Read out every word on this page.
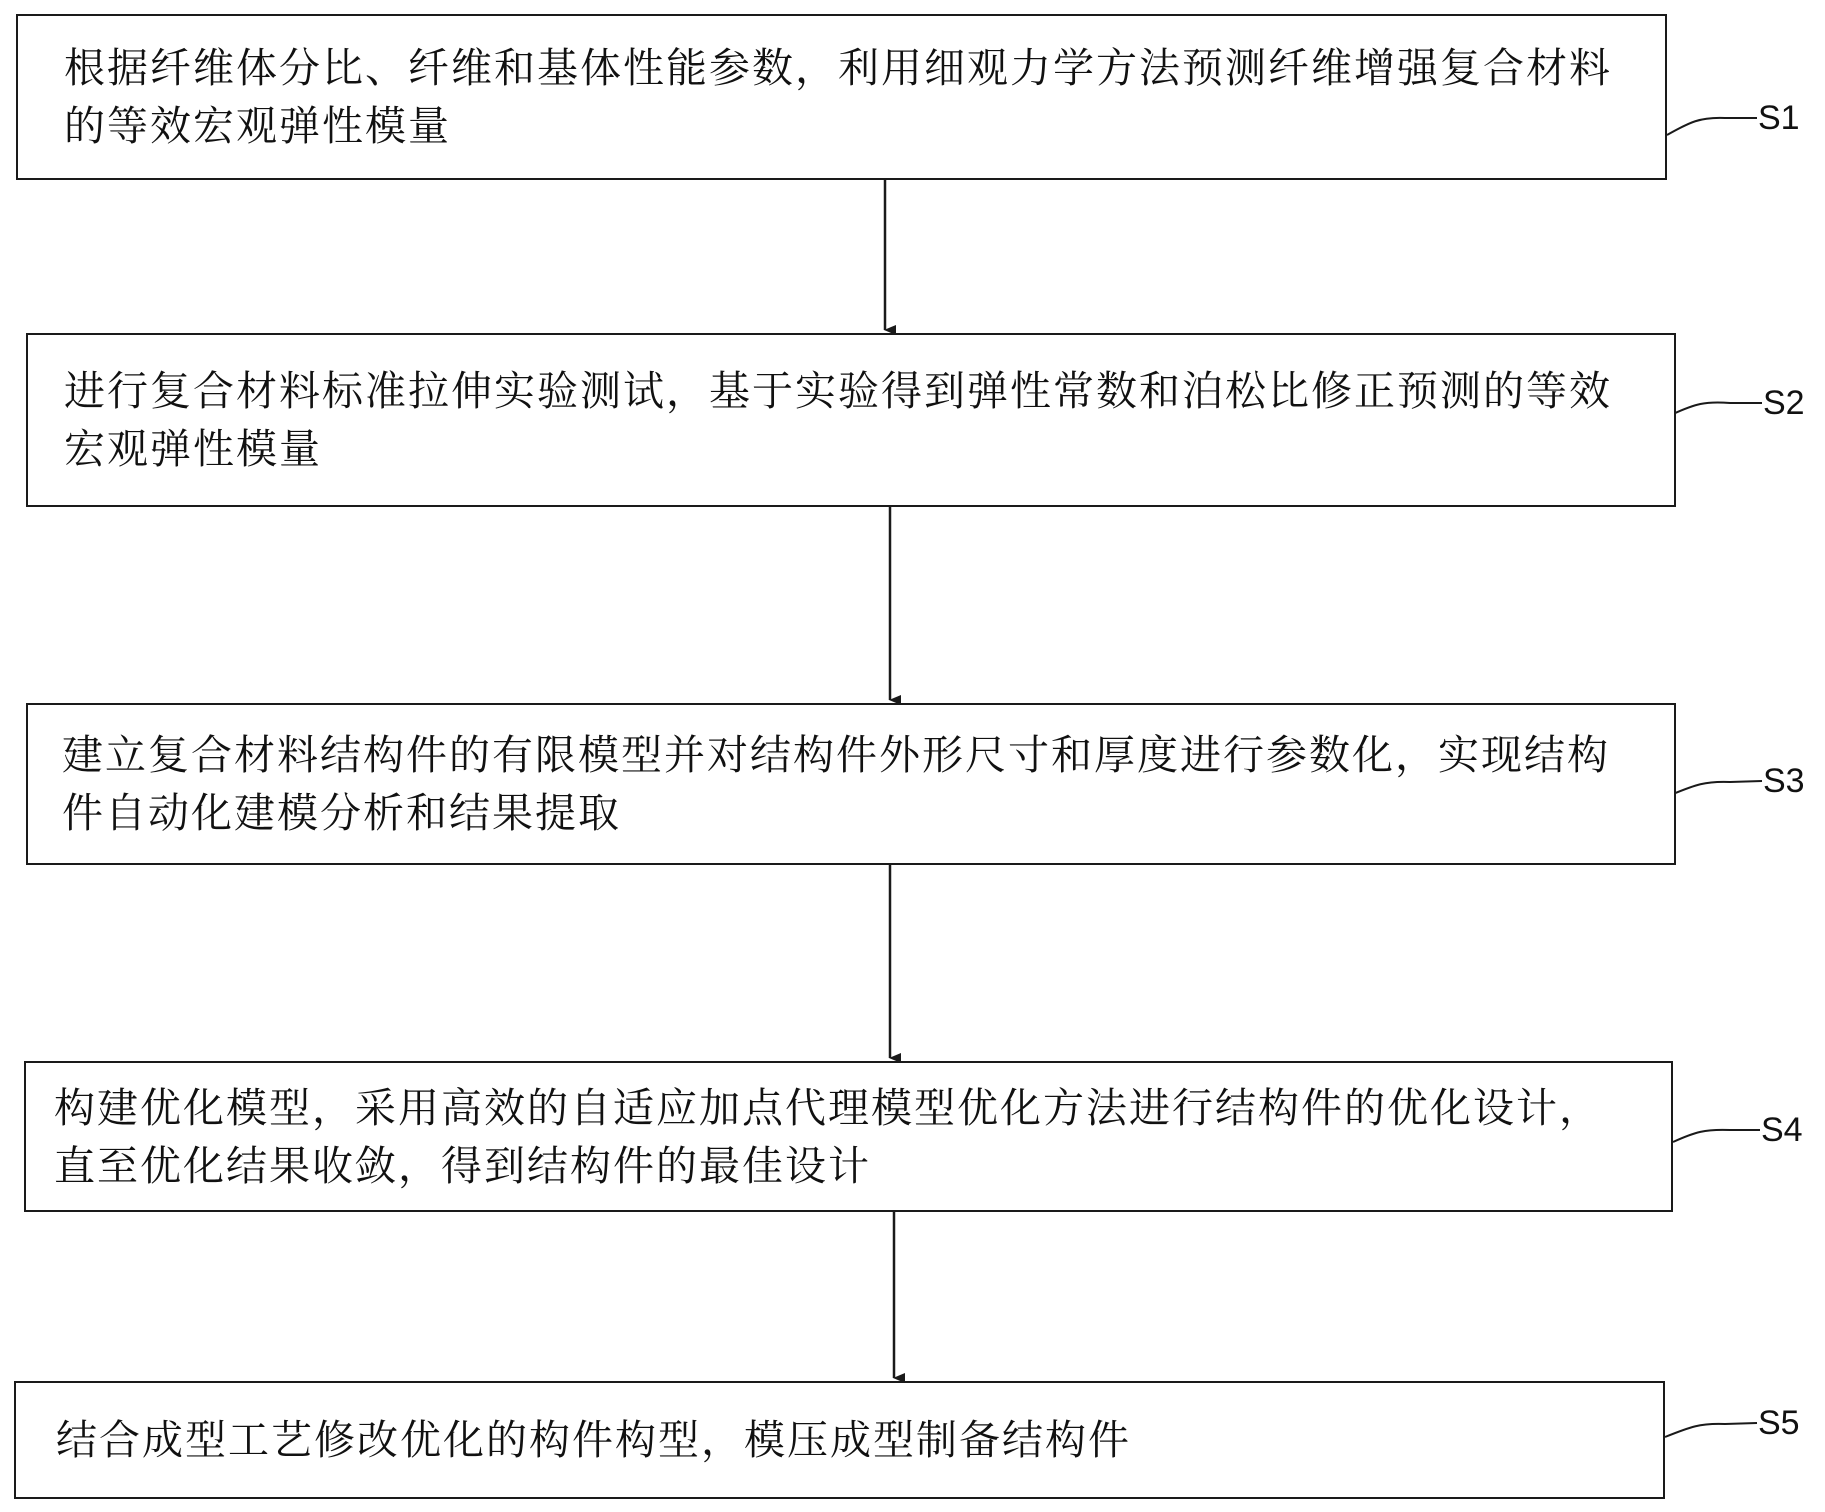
根据纤维体分比、纤维和基体性能参数，利用细观力学方法预测纤维增强复合材料的等效宏观弹性模量
进行复合材料标准拉伸实验测试，基于实验得到弹性常数和泊松比修正预测的等效宏观弹性模量
建立复合材料结构件的有限模型并对结构件外形尺寸和厚度进行参数化，实现结构件自动化建模分析和结果提取
构建优化模型，采用高效的自适应加点代理模型优化方法进行结构件的优化设计，直至优化结果收敛，得到结构件的最佳设计
结合成型工艺修改优化的构件构型，模压成型制备结构件
S1
S2
S3
S4
S5
